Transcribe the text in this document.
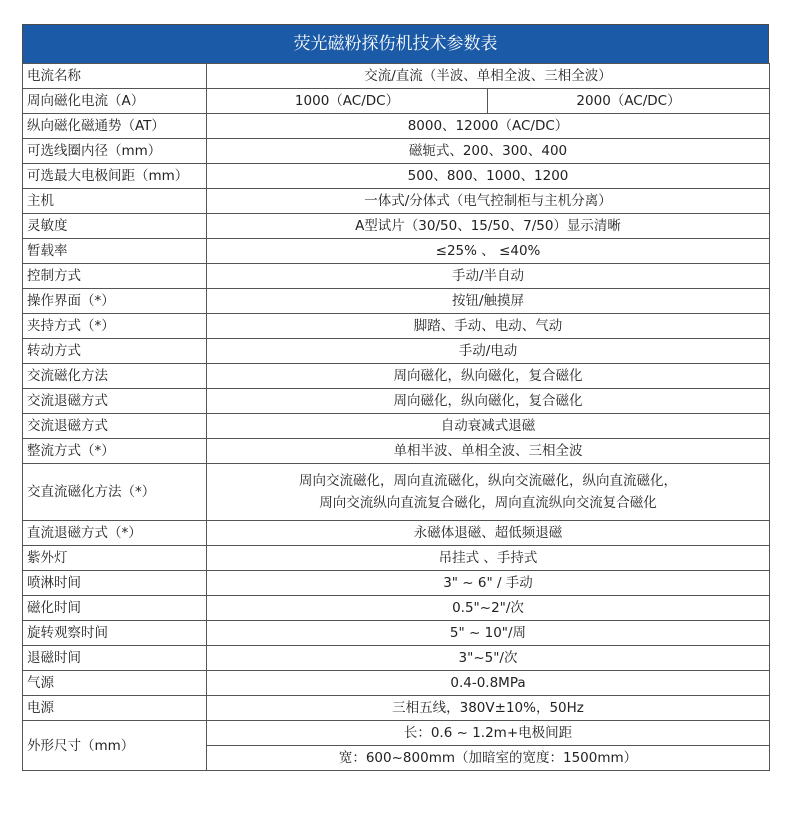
荧光磁粉探伤机技术参数表
电流名称	交流/直流（半波、单相全波、三相全波）	
周向磁化电流（A）	1000（AC/DC）	2000（AC/DC）
纵向磁化磁通势（AT）	8000、12000（AC/DC）	
可选线圈内径（mm）	磁轭式、200、300、400	
可选最大电极间距（mm）	500、800、1000、1200	
主机	一体式/分体式（电气控制柜与主机分离）	
灵敏度	A型试片（30/50、15/50、7/50）显示清晰	
暂载率	≤25% 、 ≤40%	
控制方式	手动/半自动	
操作界面（*）	按钮/触摸屏	
夹持方式（*）	脚踏、手动、电动、气动	
转动方式	手动/电动	
交流磁化方法	周向磁化，纵向磁化，复合磁化	
交流退磁方式	周向磁化，纵向磁化，复合磁化	
交流退磁方式	自动衰减式退磁	
整流方式（*）	单相半波、单相全波、三相全波	
交直流磁化方法（*）	周向交流磁化，周向直流磁化，纵向交流磁化，纵向直流磁化，
周向交流纵向直流复合磁化，周向直流纵向交流复合磁化	

直流退磁方式（*）	永磁体退磁、超低频退磁	
紫外灯	吊挂式 、手持式	
喷淋时间	3" ~ 6" / 手动	
磁化时间	0.5"~2"/次	
旋转观察时间	5" ~ 10"/周	
退磁时间	3"~5"/次	
气源	0.4-0.8MPa	
电源	三相五线，380V±10%，50Hz	
外形尺寸（mm）	长：0.6 ~ 1.2m+电极间距	
	宽：600~800mm（加暗室的宽度：1500mm）	
